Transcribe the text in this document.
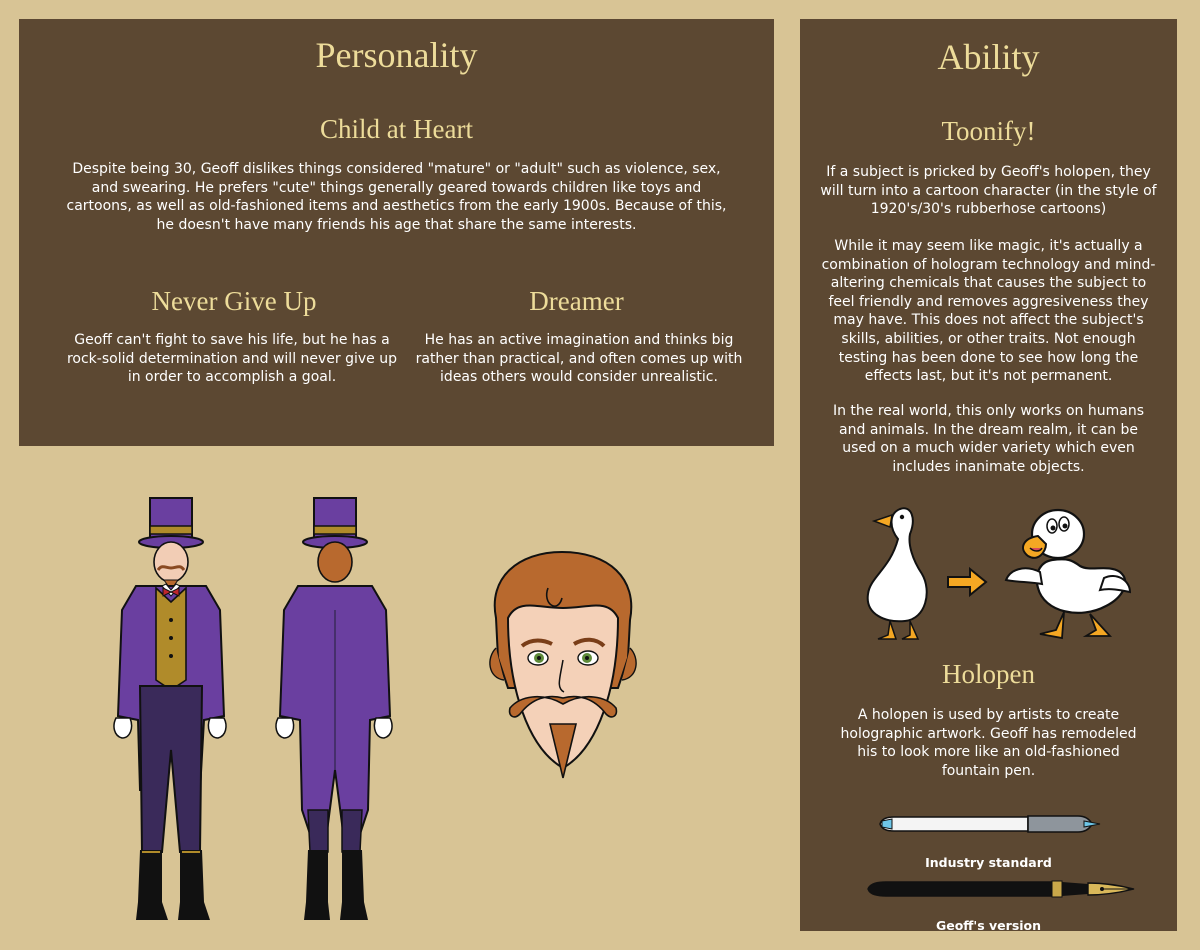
Personality
Child at Heart

Despite being 30, Geoff dislikes things considered "mature" or "adult" such as violence, sex, and swearing. He prefers "cute" things generally geared towards children like toys and cartoons, as well as old-fashioned items and aesthetics from the early 1900s. Because of this, he doesn't have many friends his age that share the same interests.

Never Give Up

Geoff can't fight to save his life, but he has a rock-solid determination and will never give up in order to accomplish a goal.

Dreamer

He has an active imagination and thinks big rather than practical, and often comes up with ideas others would consider unrealistic.

Ability
Toonify!

If a subject is pricked by Geoff's holopen, they will turn into a cartoon character (in the style of 1920's/30's rubberhose cartoons)

While it may seem like magic, it's actually a combination of hologram technology and mind-altering chemicals that causes the subject to feel friendly and removes aggresiveness they may have. This does not affect the subject's skills, abilities, or other traits. Not enough testing has been done to see how long the effects last, but it's not permanent.

In the real world, this only works on humans and animals. In the dream realm, it can be used on a much wider variety which even includes inanimate objects.

Holopen

A holopen is used by artists to create holographic artwork. Geoff has remodeled his to look more like an old-fashioned fountain pen.

Industry standard
Geoff's version
